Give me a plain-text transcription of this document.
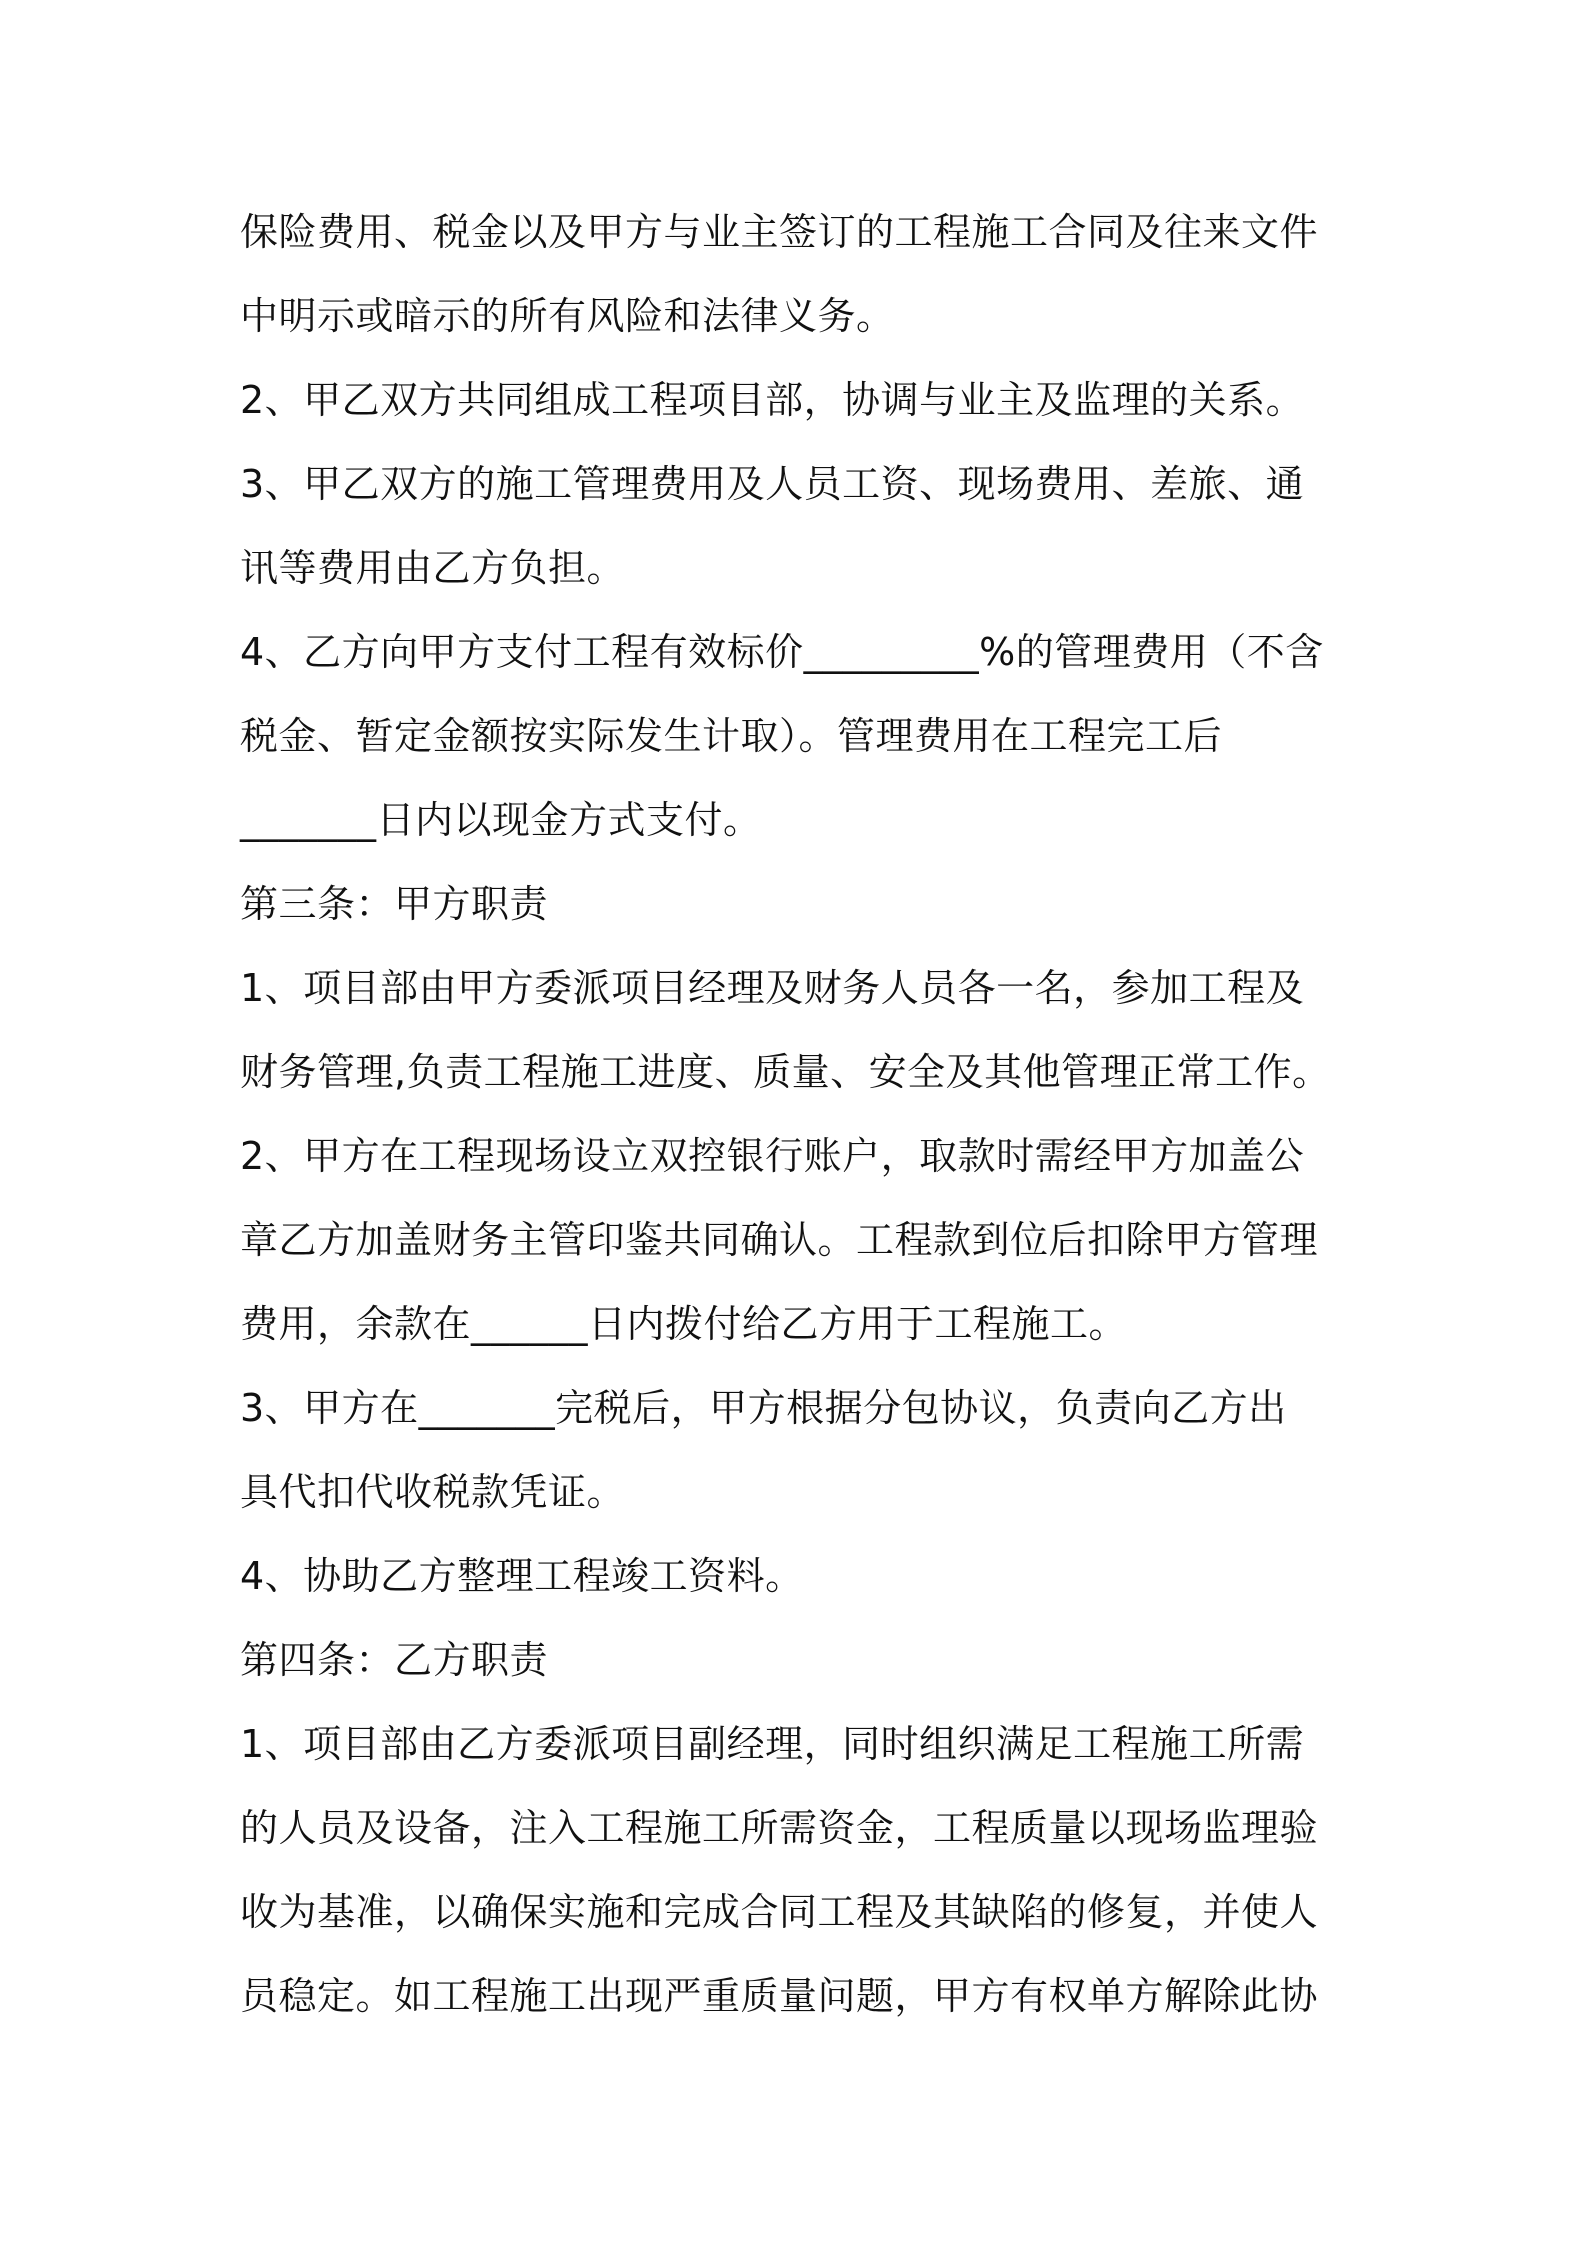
保险费用、税金以及甲方与业主签订的工程施工合同及往来文件
中明示或暗示的所有风险和法律义务。
2、甲乙双方共同组成工程项目部，协调与业主及监理的关系。
3、甲乙双方的施工管理费用及人员工资、现场费用、差旅、通
讯等费用由乙方负担。
4、乙方向甲方支付工程有效标价_________%的管理费用（不含
税金、暂定金额按实际发生计取）。管理费用在工程完工后
_______日内以现金方式支付。
第三条：甲方职责
1、项目部由甲方委派项目经理及财务人员各一名，参加工程及
财务管理,负责工程施工进度、质量、安全及其他管理正常工作。
2、甲方在工程现场设立双控银行账户，取款时需经甲方加盖公
章乙方加盖财务主管印鉴共同确认。工程款到位后扣除甲方管理
费用，余款在______日内拨付给乙方用于工程施工。
3、甲方在_______完税后，甲方根据分包协议，负责向乙方出
具代扣代收税款凭证。
4、协助乙方整理工程竣工资料。
第四条：乙方职责
1、项目部由乙方委派项目副经理，同时组织满足工程施工所需
的人员及设备，注入工程施工所需资金，工程质量以现场监理验
收为基准，以确保实施和完成合同工程及其缺陷的修复，并使人
员稳定。如工程施工出现严重质量问题，甲方有权单方解除此协
